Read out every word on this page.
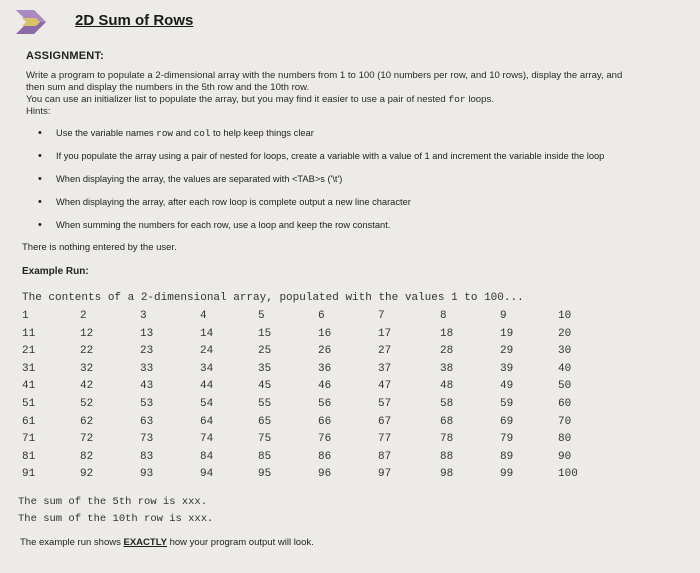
2D Sum of Rows
ASSIGNMENT:
Write a program to populate a 2-dimensional array with the numbers from 1 to 100 (10 numbers per row, and 10 rows), display the array, and
then sum and display the numbers in the 5th row and the 10th row.
You can use an initializer list to populate the array, but you may find it easier to use a pair of nested for loops.
Hints:
• Use the variable names row and col to help keep things clear
• If you populate the array using a pair of nested for loops, create a variable with a value of 1 and increment the variable inside the loop
• When displaying the array, the values are separated with <TAB>s ('\t')
• When displaying the array, after each row loop is complete output a new line character
• When summing the numbers for each row, use a loop and keep the row constant.
There is nothing entered by the user.
Example Run:
The contents of a 2-dimensional array, populated with the values 1 to 100...
1	2	3	4	5	6	7	8	9	10
11	12	13	14	15	16	17	18	19	20
21	22	23	24	25	26	27	28	29	30
31	32	33	34	35	36	37	38	39	40
41	42	43	44	45	46	47	48	49	50
51	52	53	54	55	56	57	58	59	60
61	62	63	64	65	66	67	68	69	70
71	72	73	74	75	76	77	78	79	80
81	82	83	84	85	86	87	88	89	90
91	92	93	94	95	96	97	98	99	100
The sum of the 5th row is xxx.
The sum of the 10th row is xxx.
The example run shows EXACTLY how your program output will look.
